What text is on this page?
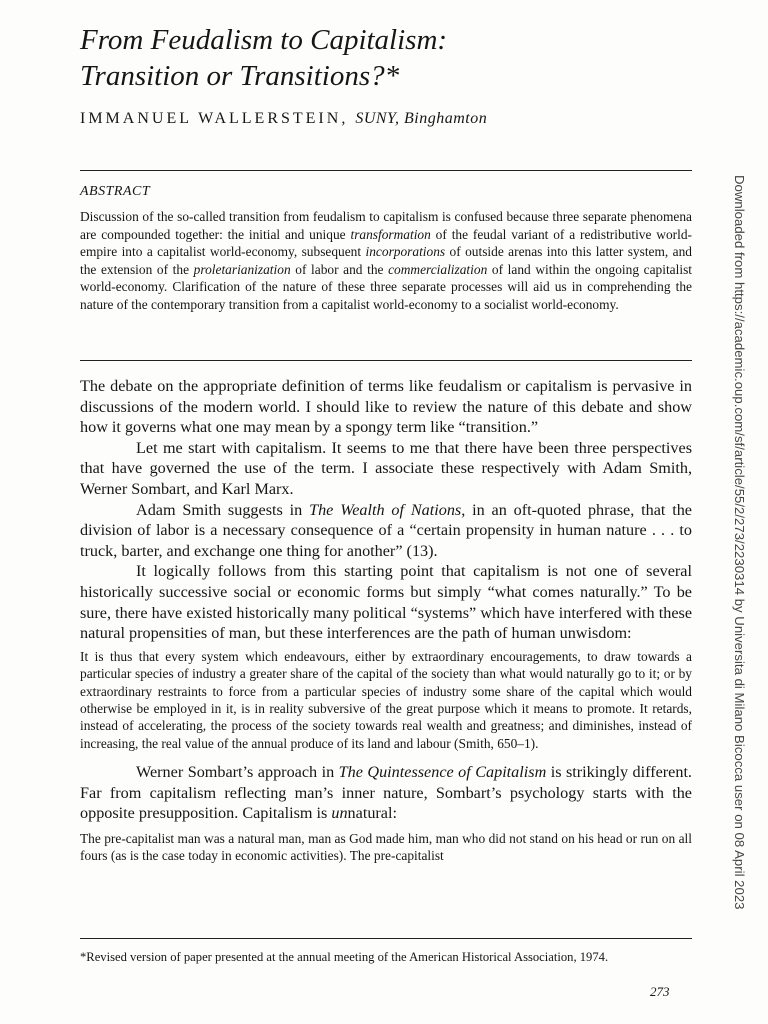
From Feudalism to Capitalism:
Transition or Transitions?*
IMMANUEL WALLERSTEIN, SUNY, Binghamton
ABSTRACT
Discussion of the so-called transition from feudalism to capitalism is confused because three separate phenomena are compounded together: the initial and unique transformation of the feudal variant of a redistributive world-empire into a capitalist world-economy, subsequent incorporations of outside arenas into this latter system, and the extension of the proletarianization of labor and the commercialization of land within the ongoing capitalist world-economy. Clarification of the nature of these three separate processes will aid us in comprehending the nature of the contemporary transition from a capitalist world-economy to a socialist world-economy.

The debate on the appropriate definition of terms like feudalism or capitalism is pervasive in discussions of the modern world. I should like to review the nature of this debate and show how it governs what one may mean by a spongy term like “transition.”

Let me start with capitalism. It seems to me that there have been three perspectives that have governed the use of the term. I associate these respectively with Adam Smith, Werner Sombart, and Karl Marx.

Adam Smith suggests in The Wealth of Nations, in an oft-quoted phrase, that the division of labor is a necessary consequence of a “certain propensity in human nature . . . to truck, barter, and exchange one thing for another” (13).

It logically follows from this starting point that capitalism is not one of several historically successive social or economic forms but simply “what comes naturally.” To be sure, there have existed historically many political “systems” which have interfered with these natural propensities of man, but these interferences are the path of human unwisdom:

It is thus that every system which endeavours, either by extraordinary encouragements, to draw towards a particular species of industry a greater share of the capital of the society than what would naturally go to it; or by extraordinary restraints to force from a particular species of industry some share of the capital which would otherwise be employed in it, is in reality subversive of the great purpose which it means to promote. It retards, instead of accelerating, the process of the society towards real wealth and greatness; and diminishes, instead of increasing, the real value of the annual produce of its land and labour (Smith, 650–1).

Werner Sombart’s approach in The Quintessence of Capitalism is strikingly different. Far from capitalism reflecting man’s inner nature, Sombart’s psychology starts with the opposite presupposition. Capitalism is unnatural:

The pre-capitalist man was a natural man, man as God made him, man who did not stand on his head or run on all fours (as is the case today in economic activities). The pre-capitalist
*Revised version of paper presented at the annual meeting of the American Historical Association, 1974.
273
Downloaded from https://academic.oup.com/sf/article/55/2/273/2230314 by Universita di Milano Bicocca user on 08 April 2023
